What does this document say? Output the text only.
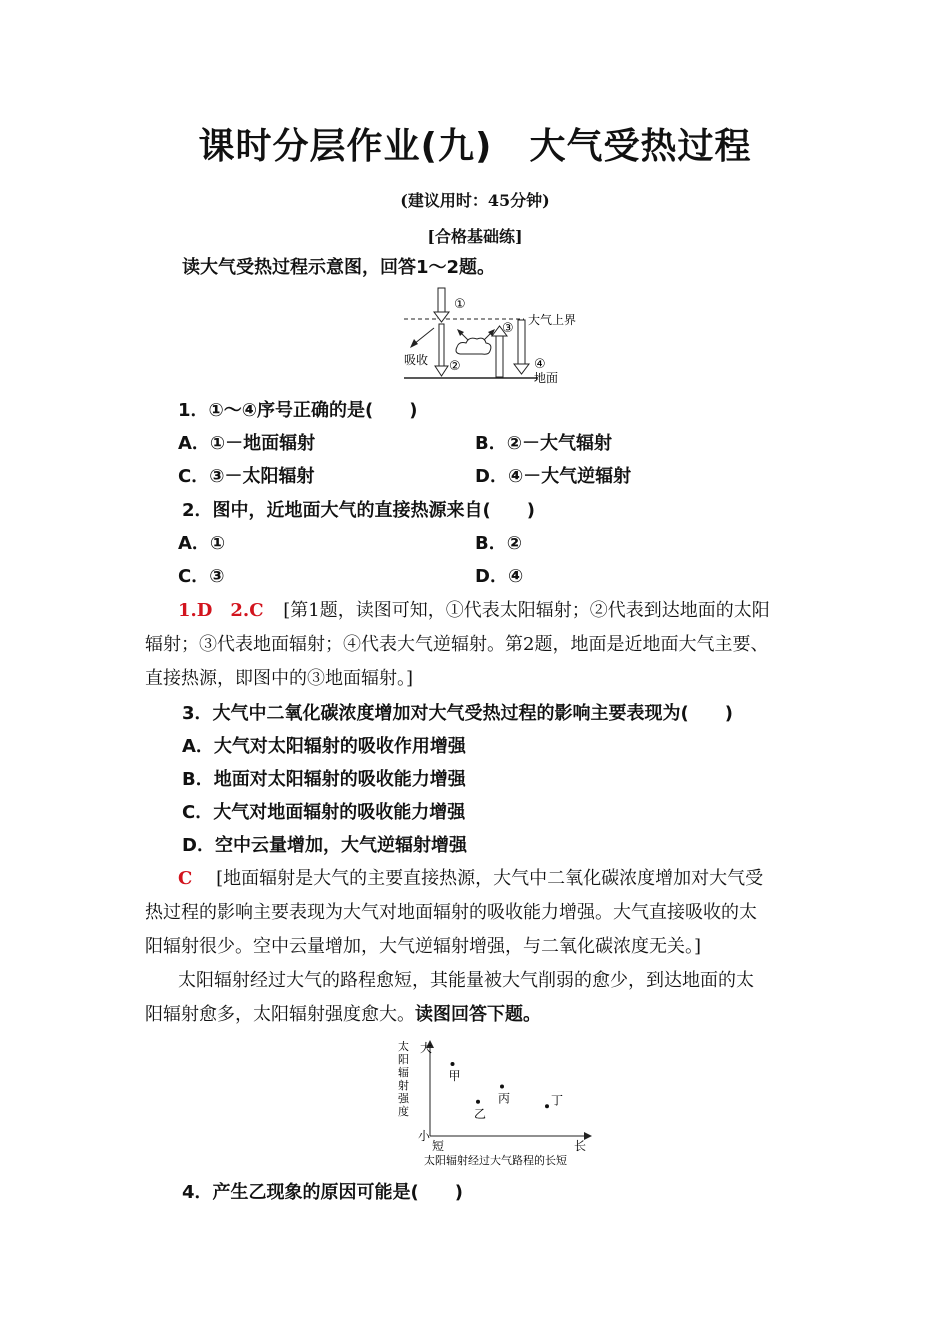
课时分层作业(九)　大气受热过程
(建议用时：45分钟)
[合格基础练]
读大气受热过程示意图，回答1～2题。
①
②
③
④
大气上界
吸收
地面
1．①～④序号正确的是(　　)
A．①－地面辐射	B．②－大气辐射
C．③－太阳辐射	D．④－大气逆辐射
2．图中，近地面大气的直接热源来自(　　)
A．①	B．②
C．③	D．④
1.D　2.C [第1题，读图可知，①代表太阳辐射；②代表到达地面的太阳
辐射；③代表地面辐射；④代表大气逆辐射。第2题，地面是近地面大气主要、
直接热源，即图中的③地面辐射。]
3．大气中二氧化碳浓度增加对大气受热过程的影响主要表现为(　　)
A．大气对太阳辐射的吸收作用增强
B．地面对太阳辐射的吸收能力增强
C．大气对地面辐射的吸收能力增强
D．空中云量增加，大气逆辐射增强
C [地面辐射是大气的主要直接热源，大气中二氧化碳浓度增加对大气受
热过程的影响主要表现为大气对地面辐射的吸收能力增强。大气直接吸收的太
阳辐射很少。空中云量增加，大气逆辐射增强，与二氧化碳浓度无关。]
太阳辐射经过大气的路程愈短，其能量被大气削弱的愈少，到达地面的太
阳辐射愈多，太阳辐射强度愈大。读图回答下题。
太
阳
辐
射
强
度
大
小
短	长
太阳辐射经过大气路程的长短
甲
乙
丙	丁
4．产生乙现象的原因可能是(　　)
